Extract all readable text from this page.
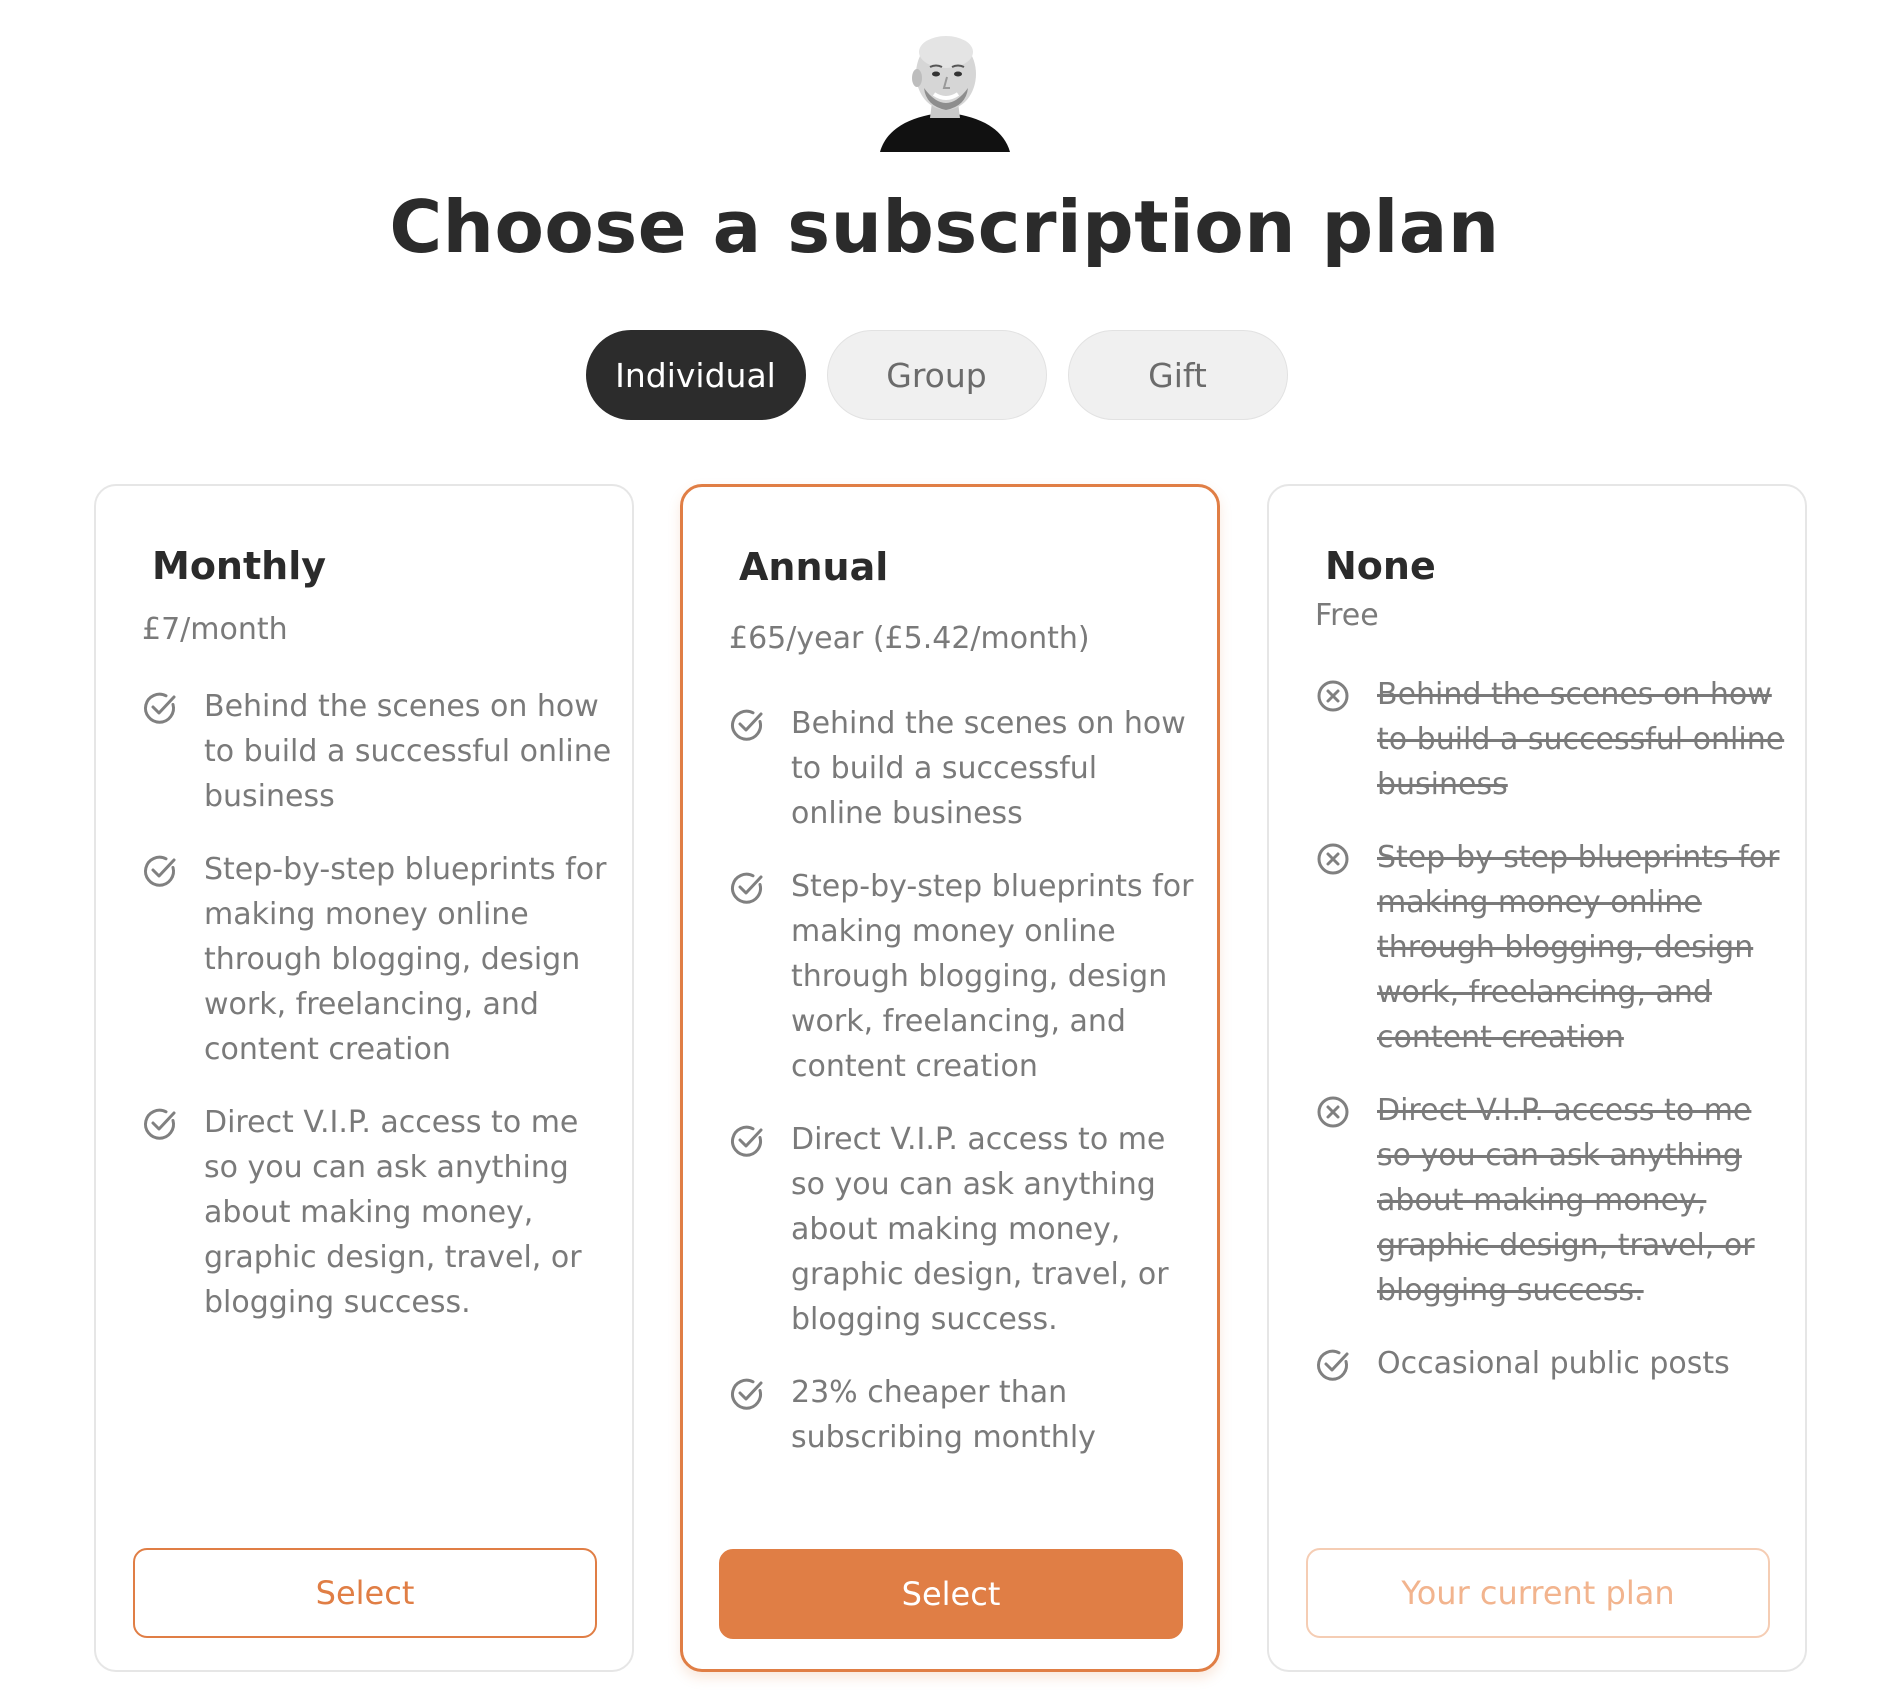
Choose a subscription plan
Individual	Group	Gift
Monthly
£7/month
Behind the scenes on how to build a successful online business
Step-by-step blueprints for making money online through blogging, design work, freelancing, and content creation
Direct V.I.P. access to me so you can ask anything about making money, graphic design, travel, or blogging success.
Select
Annual
£65/year (£5.42/month)
Behind the scenes on how to build a successful online business
Step-by-step blueprints for making money online through blogging, design work, freelancing, and content creation
Direct V.I.P. access to me so you can ask anything about making money, graphic design, travel, or blogging success.
23% cheaper than subscribing monthly
Select
None
Free
Behind the scenes on how to build a successful online business
Step-by-step blueprints for making money online through blogging, design work, freelancing, and content creation
Direct V.I.P. access to me so you can ask anything about making money, graphic design, travel, or blogging success.
Occasional public posts
Your current plan
